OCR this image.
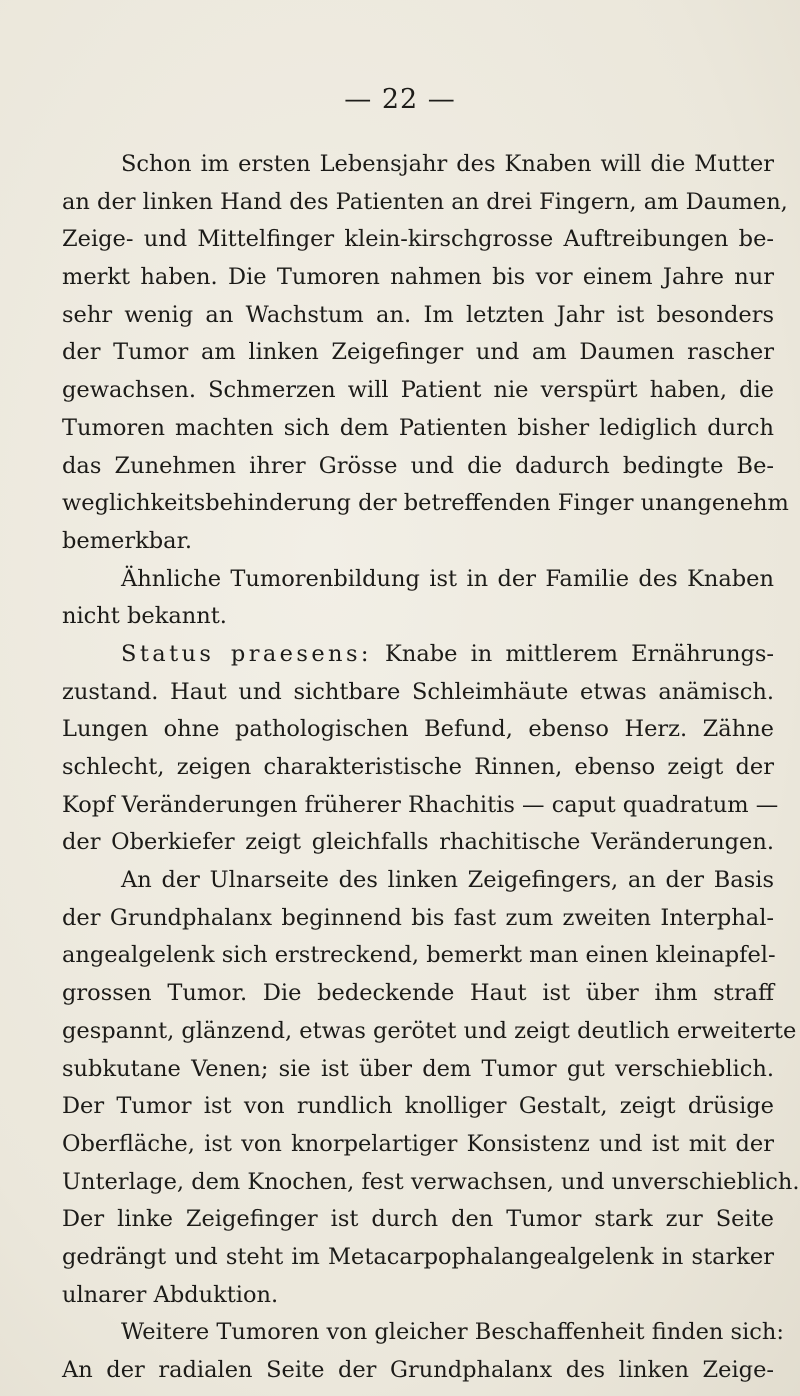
— 22 —
Schon im ersten Lebensjahr des Knaben will die Mutter
an der linken Hand des Patienten an drei Fingern, am Daumen,
Zeige- und Mittelfinger klein-kirschgrosse Auftreibungen be-
merkt haben. Die Tumoren nahmen bis vor einem Jahre nur
sehr wenig an Wachstum an. Im letzten Jahr ist besonders
der Tumor am linken Zeigefinger und am Daumen rascher
gewachsen. Schmerzen will Patient nie verspürt haben, die
Tumoren machten sich dem Patienten bisher lediglich durch
das Zunehmen ihrer Grösse und die dadurch bedingte Be-
weglichkeitsbehinderung der betreffenden Finger unangenehm
bemerkbar.
Ähnliche Tumorenbildung ist in der Familie des Knaben
nicht bekannt.
Status praesens: Knabe in mittlerem Ernährungs-
zustand. Haut und sichtbare Schleimhäute etwas anämisch.
Lungen ohne pathologischen Befund, ebenso Herz. Zähne
schlecht, zeigen charakteristische Rinnen, ebenso zeigt der
Kopf Veränderungen früherer Rhachitis — caput quadratum —
der Oberkiefer zeigt gleichfalls rhachitische Veränderungen.
An der Ulnarseite des linken Zeigefingers, an der Basis
der Grundphalanx beginnend bis fast zum zweiten Interphal-
angealgelenk sich erstreckend, bemerkt man einen kleinapfel-
grossen Tumor. Die bedeckende Haut ist über ihm straff
gespannt, glänzend, etwas gerötet und zeigt deutlich erweiterte
subkutane Venen; sie ist über dem Tumor gut verschieblich.
Der Tumor ist von rundlich knolliger Gestalt, zeigt drüsige
Oberfläche, ist von knorpelartiger Konsistenz und ist mit der
Unterlage, dem Knochen, fest verwachsen, und unverschieblich.
Der linke Zeigefinger ist durch den Tumor stark zur Seite
gedrängt und steht im Metacarpophalangealgelenk in starker
ulnarer Abduktion.
Weitere Tumoren von gleicher Beschaffenheit finden sich:
An der radialen Seite der Grundphalanx des linken Zeige-
